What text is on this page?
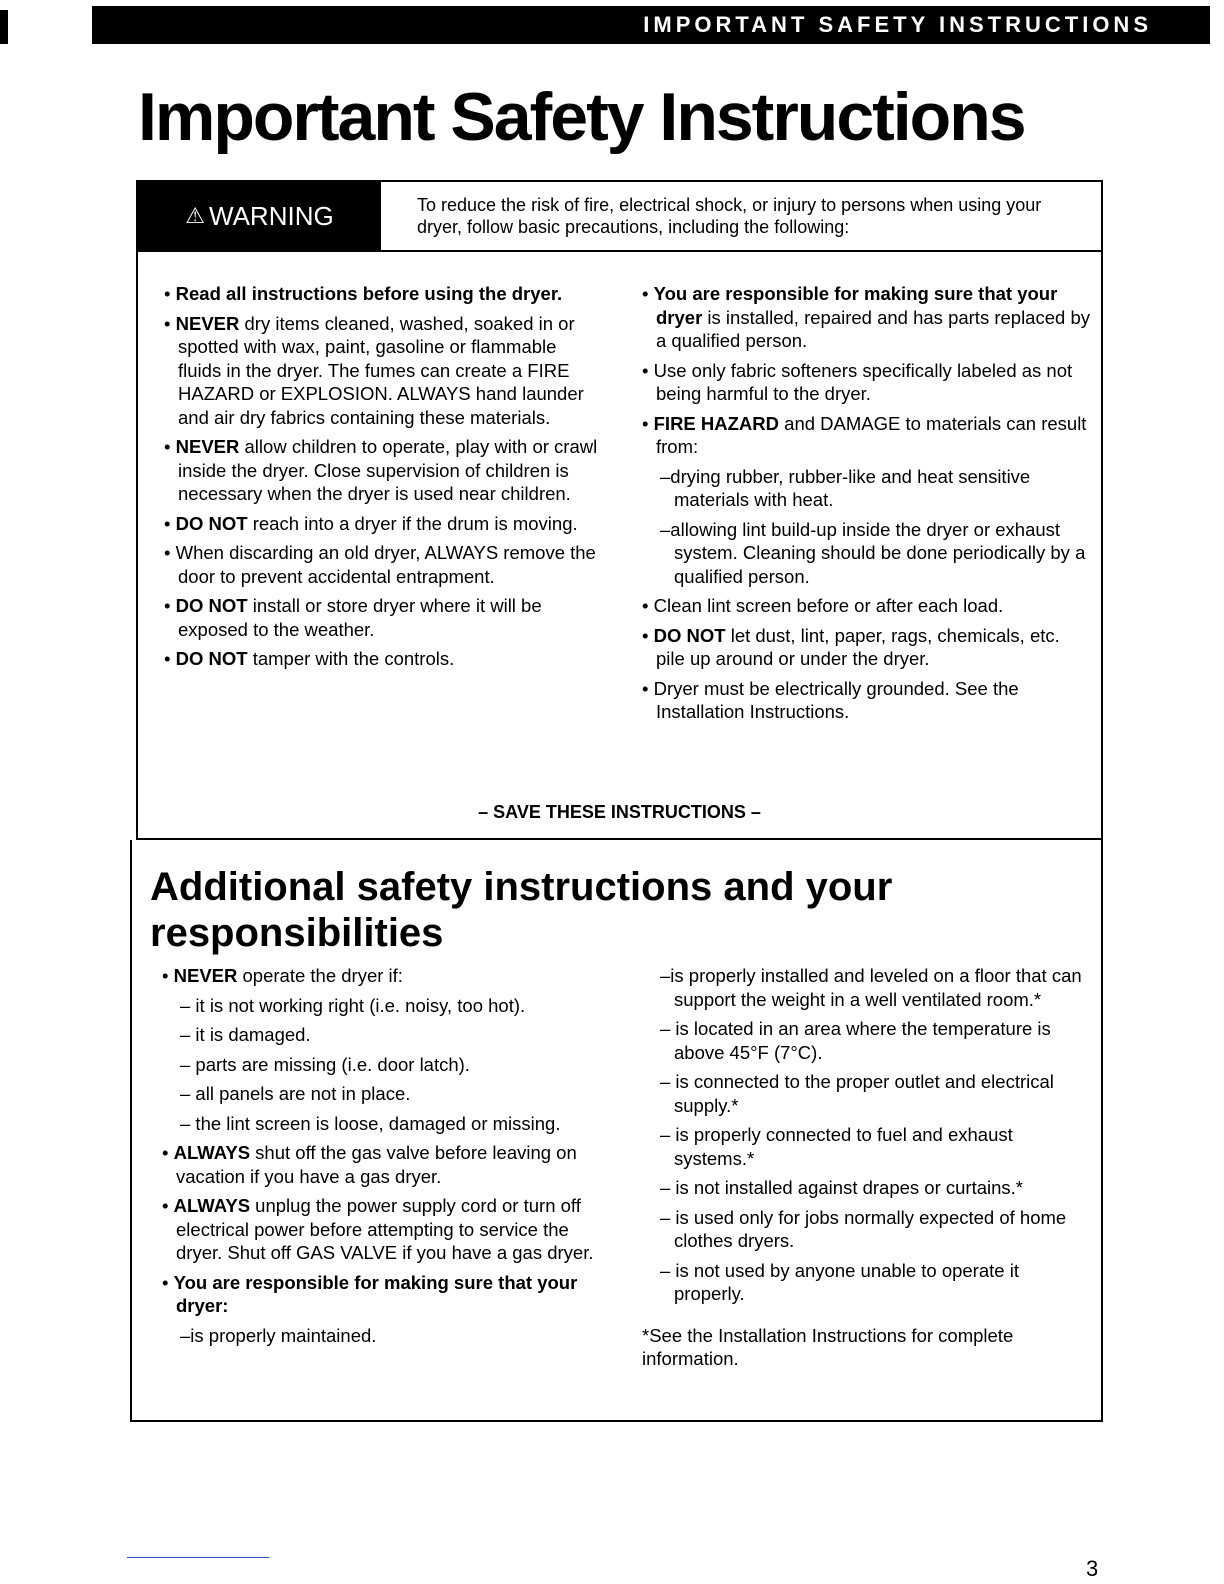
IMPORTANT SAFETY INSTRUCTIONS
Important Safety Instructions
⚠ WARNING	To reduce the risk of fire, electrical shock, or injury to persons when using your dryer, follow basic precautions, including the following:

• Read all instructions before using the dryer.

• NEVER dry items cleaned, washed, soaked in or spotted with wax, paint, gasoline or flammable fluids in the dryer. The fumes can create a FIRE HAZARD or EXPLOSION. ALWAYS hand launder and air dry fabrics containing these materials.

• NEVER allow children to operate, play with or crawl inside the dryer. Close supervision of children is necessary when the dryer is used near children.

• DO NOT reach into a dryer if the drum is moving.

• When discarding an old dryer, ALWAYS remove the door to prevent accidental entrapment.

• DO NOT install or store dryer where it will be exposed to the weather.

• DO NOT tamper with the controls.

• You are responsible for making sure that your dryer is installed, repaired and has parts replaced by a qualified person.

• Use only fabric softeners specifically labeled as not being harmful to the dryer.

• FIRE HAZARD and DAMAGE to materials can result from:

–drying rubber, rubber-like and heat sensitive materials with heat.

–allowing lint build-up inside the dryer or exhaust system. Cleaning should be done periodically by a qualified person.

• Clean lint screen before or after each load.

• DO NOT let dust, lint, paper, rags, chemicals, etc. pile up around or under the dryer.

• Dryer must be electrically grounded. See the Installation Instructions.

– SAVE THESE INSTRUCTIONS –
Additional safety instructions and your responsibilities

• NEVER operate the dryer if:

– it is not working right (i.e. noisy, too hot).

– it is damaged.

– parts are missing (i.e. door latch).

– all panels are not in place.

– the lint screen is loose, damaged or missing.

• ALWAYS shut off the gas valve before leaving on vacation if you have a gas dryer.

• ALWAYS unplug the power supply cord or turn off electrical power before attempting to service the dryer. Shut off GAS VALVE if you have a gas dryer.

• You are responsible for making sure that your dryer:

–is properly maintained.

–is properly installed and leveled on a floor that can support the weight in a well ventilated room.*

– is located in an area where the temperature is above 45°F (7°C).

– is connected to the proper outlet and electrical supply.*

– is properly connected to fuel and exhaust systems.*

– is not installed against drapes or curtains.*

– is used only for jobs normally expected of home clothes dryers.

– is not used by anyone unable to operate it properly.

*See the Installation Instructions for complete information.

3
